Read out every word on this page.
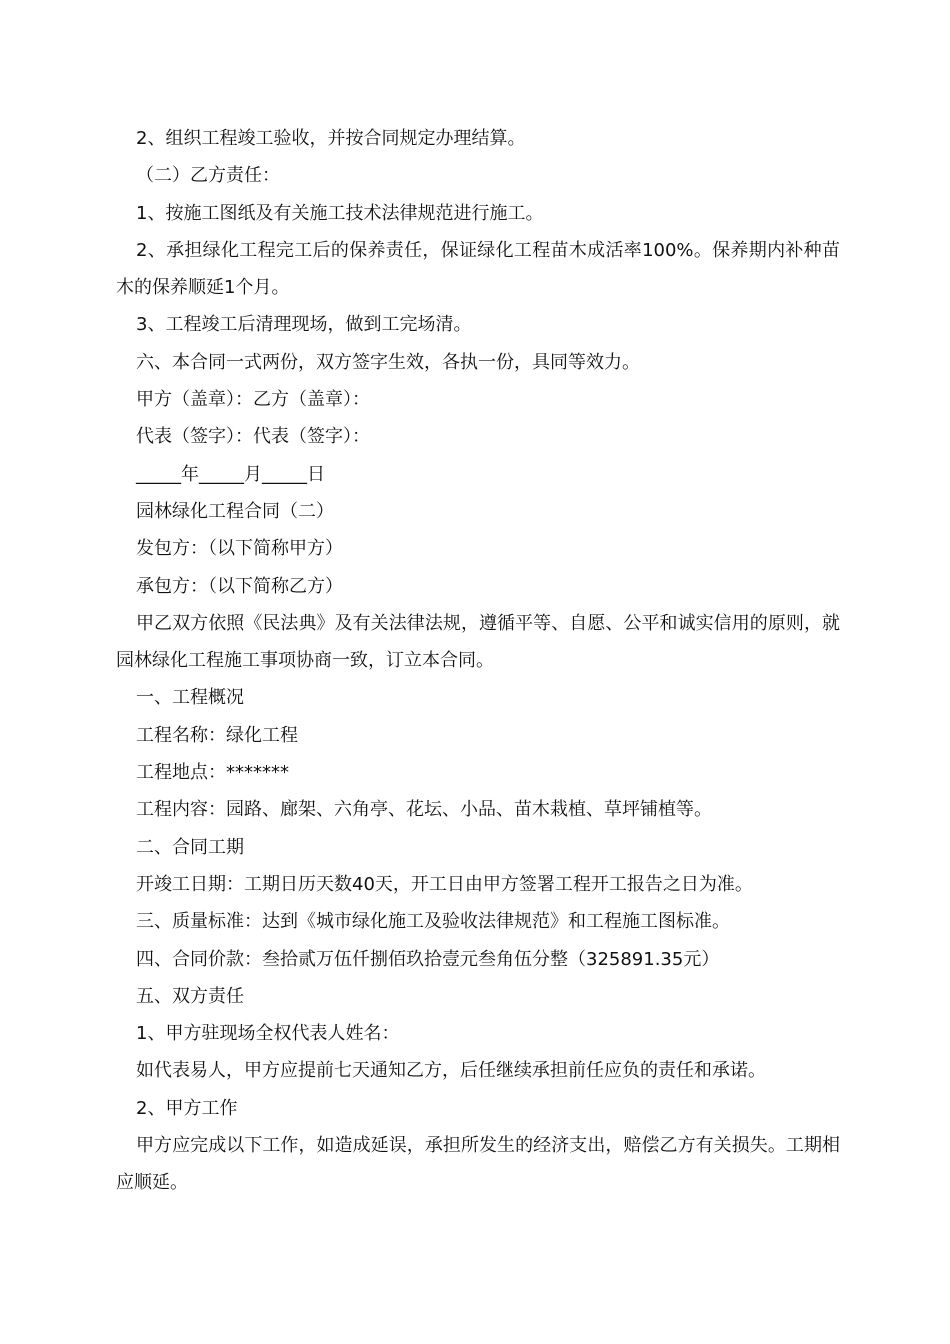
2、组织工程竣工验收，并按合同规定办理结算。

（二）乙方责任：

1、按施工图纸及有关施工技术法律规范进行施工。

2、承担绿化工程完工后的保养责任，保证绿化工程苗木成活率100%。保养期内补种苗木的保养顺延1个月。

3、工程竣工后清理现场，做到工完场清。

六、本合同一式两份，双方签字生效，各执一份，具同等效力。

甲方（盖章）：乙方（盖章）：

代表（签字）：代表（签字）：

_____年_____月_____日

园林绿化工程合同（二）

发包方：（以下简称甲方）

承包方：（以下简称乙方）

甲乙双方依照《民法典》及有关法律法规，遵循平等、自愿、公平和诚实信用的原则，就园林绿化工程施工事项协商一致，订立本合同。

一、工程概况

工程名称：绿化工程

工程地点：*******

工程内容：园路、廊架、六角亭、花坛、小品、苗木栽植、草坪铺植等。

二、合同工期

开竣工日期：工期日历天数40天，开工日由甲方签署工程开工报告之日为准。

三、质量标准：达到《城市绿化施工及验收法律规范》和工程施工图标准。

四、合同价款：叁拾贰万伍仟捌佰玖拾壹元叁角伍分整（325891.35元）

五、双方责任

1、甲方驻现场全权代表人姓名：

如代表易人，甲方应提前七天通知乙方，后任继续承担前任应负的责任和承诺。

2、甲方工作

甲方应完成以下工作，如造成延误，承担所发生的经济支出，赔偿乙方有关损失。工期相应顺延。
